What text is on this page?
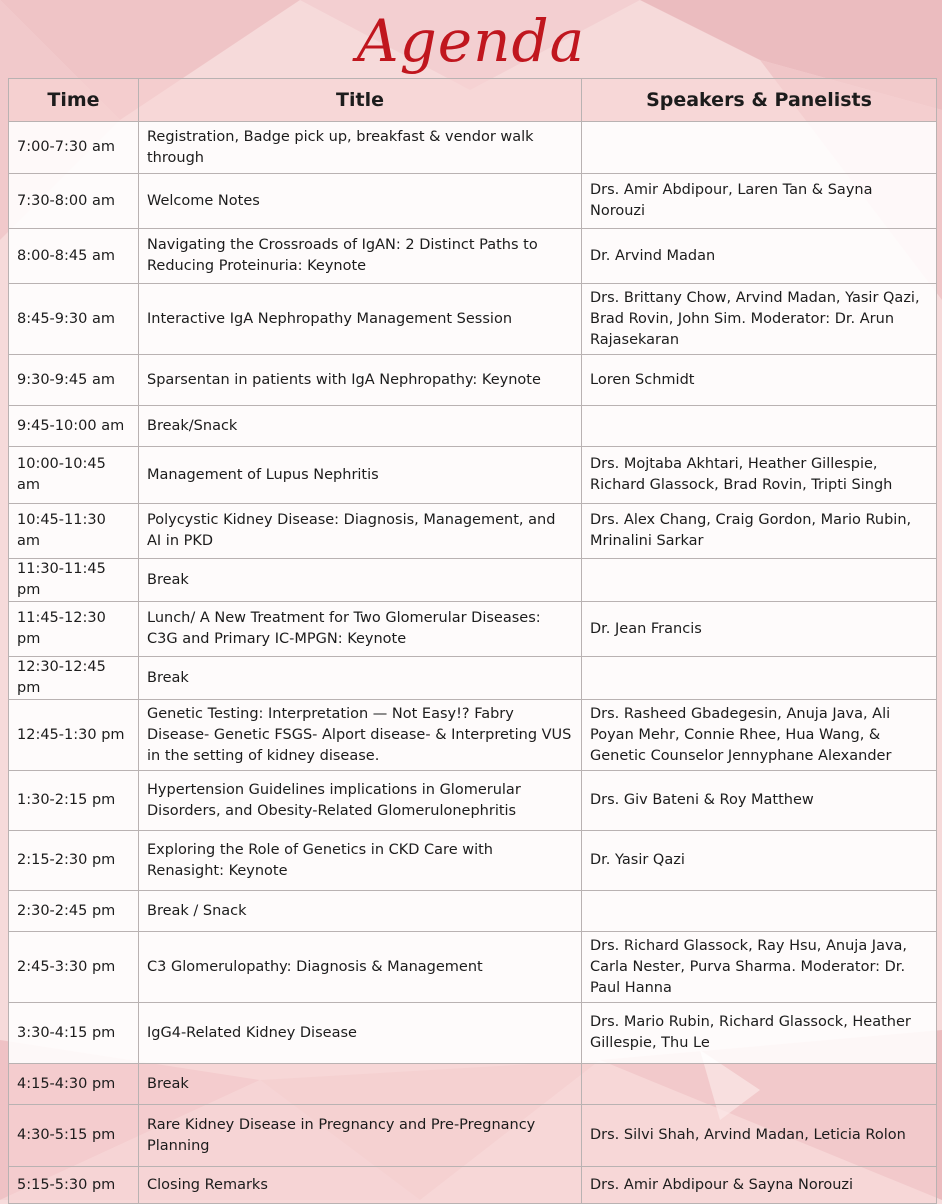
Agenda
Time	Title	Speakers & Panelists
7:00-7:30 am	Registration, Badge pick up, breakfast & vendor walk through	
7:30-8:00 am	Welcome Notes	Drs. Amir Abdipour, Laren Tan & Sayna Norouzi
8:00-8:45 am	Navigating the Crossroads of IgAN: 2 Distinct Paths to Reducing Proteinuria: Keynote	Dr. Arvind Madan
8:45-9:30 am	Interactive IgA Nephropathy Management Session	Drs. Brittany Chow, Arvind Madan, Yasir Qazi, Brad Rovin, John Sim. Moderator: Dr. Arun Rajasekaran
9:30-9:45 am	Sparsentan in patients with IgA Nephropathy: Keynote	Loren Schmidt
9:45-10:00 am	Break/Snack	
10:00-10:45 am	Management of Lupus Nephritis	Drs. Mojtaba Akhtari, Heather Gillespie, Richard Glassock, Brad Rovin, Tripti Singh
10:45-11:30 am	Polycystic Kidney Disease: Diagnosis, Management, and AI in PKD	Drs. Alex Chang, Craig Gordon, Mario Rubin, Mrinalini Sarkar
11:30-11:45 pm	Break	
11:45-12:30 pm	Lunch/ A New Treatment for Two Glomerular Diseases: C3G and Primary IC-MPGN: Keynote	Dr. Jean Francis
12:30-12:45 pm	Break	
12:45-1:30 pm	Genetic Testing: Interpretation — Not Easy!? Fabry Disease- Genetic FSGS- Alport disease- & Interpreting VUS in the setting of kidney disease.	Drs. Rasheed Gbadegesin, Anuja Java, Ali Poyan Mehr, Connie Rhee, Hua Wang, & Genetic Counselor Jennyphane Alexander
1:30-2:15 pm	Hypertension Guidelines implications in Glomerular Disorders, and Obesity-Related Glomerulonephritis	Drs. Giv Bateni & Roy Matthew
2:15-2:30 pm	Exploring the Role of Genetics in CKD Care with Renasight: Keynote	Dr. Yasir Qazi
2:30-2:45 pm	Break / Snack	
2:45-3:30 pm	C3 Glomerulopathy: Diagnosis & Management	Drs. Richard Glassock, Ray Hsu, Anuja Java, Carla Nester, Purva Sharma. Moderator: Dr. Paul Hanna
3:30-4:15 pm	IgG4-Related Kidney Disease	Drs. Mario Rubin, Richard Glassock, Heather Gillespie, Thu Le
4:15-4:30 pm	Break	
4:30-5:15 pm	Rare Kidney Disease in Pregnancy and Pre-Pregnancy Planning	Drs. Silvi Shah, Arvind Madan, Leticia Rolon
5:15-5:30 pm	Closing Remarks	Drs. Amir Abdipour & Sayna Norouzi
